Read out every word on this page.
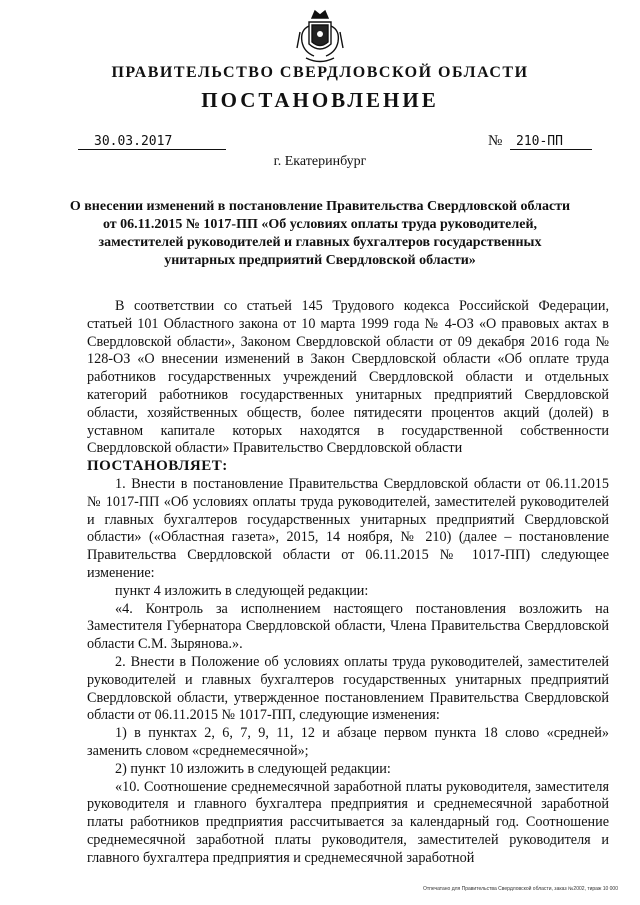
ПРАВИТЕЛЬСТВО СВЕРДЛОВСКОЙ ОБЛАСТИ
ПОСТАНОВЛЕНИЕ
30.03.2017	№ 210-ПП
г. Екатеринбург
О внесении изменений в постановление Правительства Свердловской области от 06.11.2015 № 1017-ПП «Об условиях оплаты труда руководителей, заместителей руководителей и главных бухгалтеров государственных унитарных предприятий Свердловской области»

В соответствии со статьей 145 Трудового кодекса Российской Федерации, статьей 101 Областного закона от 10 марта 1999 года № 4-ОЗ «О правовых актах в Свердловской области», Законом Свердловской области от 09 декабря 2016 года № 128-ОЗ «О внесении изменений в Закон Свердловской области «Об оплате труда работников государственных учреждений Свердловской области и отдельных категорий работников государственных унитарных предприятий Свердловской области, хозяйственных обществ, более пятидесяти процентов акций (долей) в уставном капитале которых находятся в государственной собственности Свердловской области» Правительство Свердловской области

ПОСТАНОВЛЯЕТ:

1. Внести в постановление Правительства Свердловской области от 06.11.2015 № 1017-ПП «Об условиях оплаты труда руководителей, заместителей руководителей и главных бухгалтеров государственных унитарных предприятий Свердловской области» («Областная газета», 2015, 14 ноября, № 210) (далее – постановление Правительства Свердловской области от 06.11.2015 № 1017-ПП) следующее изменение:

пункт 4 изложить в следующей редакции:

«4. Контроль за исполнением настоящего постановления возложить на Заместителя Губернатора Свердловской области, Члена Правительства Свердловской области С.М. Зырянова.».

2. Внести в Положение об условиях оплаты труда руководителей, заместителей руководителей и главных бухгалтеров государственных унитарных предприятий Свердловской области, утвержденное постановлением Правительства Свердловской области от 06.11.2015 № 1017-ПП, следующие изменения:

1) в пунктах 2, 6, 7, 9, 11, 12 и абзаце первом пункта 18 слово «средней» заменить словом «среднемесячной»;

2) пункт 10 изложить в следующей редакции:

«10. Соотношение среднемесячной заработной платы руководителя, заместителя руководителя и главного бухгалтера предприятия и среднемесячной заработной платы работников предприятия рассчитывается за календарный год. Соотношение среднемесячной заработной платы руководителя, заместителей руководителя и главного бухгалтера предприятия и среднемесячной заработной

Отпечатано для Правительства Свердловской области, заказ №2002, тираж 10 000
